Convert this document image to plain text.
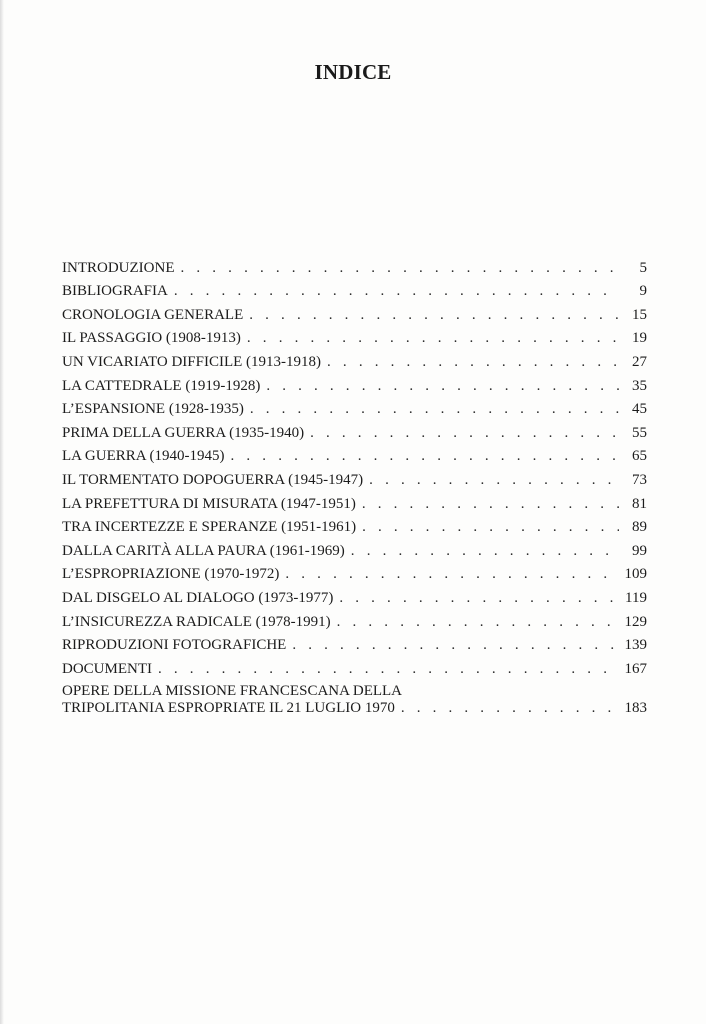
INDICE
INTRODUZIONE . . .	5
BIBLIOGRAFIA . . .	9
CRONOLOGIA GENERALE . . .	15
IL PASSAGGIO (1908-1913) . . .	19
UN VICARIATO DIFFICILE (1913-1918) . . .	27
LA CATTEDRALE (1919-1928) . . .	35
L’ESPANSIONE (1928-1935) . . .	45
PRIMA DELLA GUERRA (1935-1940) . . .	55
LA GUERRA (1940-1945) . . .	65
IL TORMENTATO DOPOGUERRA (1945-1947) . . .	73
LA PREFETTURA DI MISURATA (1947-1951) . . .	81
TRA INCERTEZZE E SPERANZE (1951-1961) . . .	89
DALLA CARITÀ ALLA PAURA (1961-1969) . . .	99
L’ESPROPRIAZIONE (1970-1972) . . .	109
DAL DISGELO AL DIALOGO (1973-1977) . . .	119
L’INSICUREZZA RADICALE (1978-1991) . . .	129
RIPRODUZIONI FOTOGRAFICHE . . .	139
DOCUMENTI . . .	167
OPERE DELLA MISSIONE FRANCESCANA DELLA
TRIPOLITANIA ESPROPRIATE IL 21 LUGLIO 1970 . . .	183
